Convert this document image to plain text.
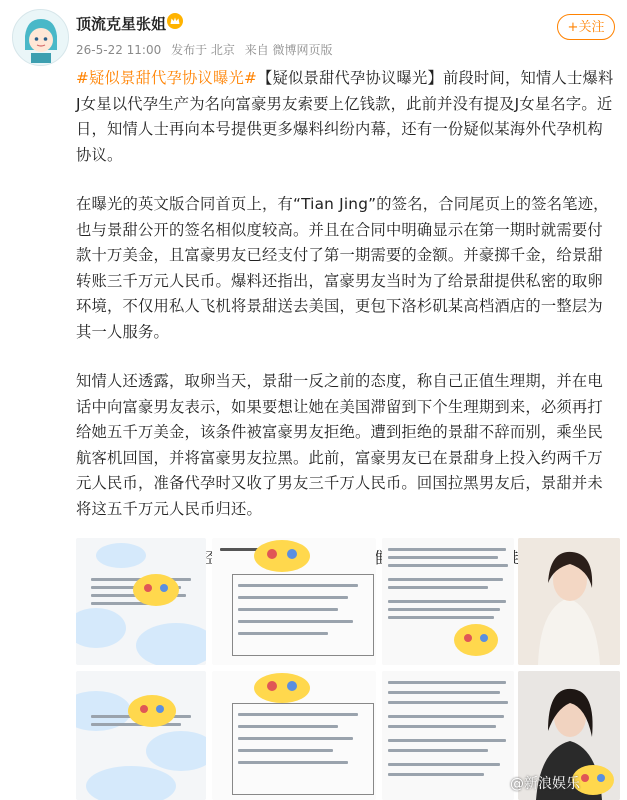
顶流克星张姐
26-5-22 11:00 发布于 北京 来自 微博网页版
+关注

#疑似景甜代孕协议曝光#【疑似景甜代孕协议曝光】前段时间，知情人士爆料J女星以代孕生产为名向富豪男友索要上亿钱款，此前并没有提及J女星名字。近日，知情人士再向本号提供更多爆料纠纷内幕，还有一份疑似某海外代孕机构协议。

在曝光的英文版合同首页上，有“Tian Jing”的签名，合同尾页上的签名笔迹，也与景甜公开的签名相似度较高。并且在合同中明确显示在第一期时就需要付款十万美金，且富豪男友已经支付了第一期需要的金额。并豪掷千金，给景甜转账三千万元人民币。爆料还指出，富豪男友当时为了给景甜提供私密的取卵环境，不仅用私人飞机将景甜送去美国，更包下洛杉矶某高档酒店的一整层为其一人服务。

知情人还透露，取卵当天，景甜一反之前的态度，称自己正值生理期，并在电话中向富豪男友表示，如果要想让她在美国滞留到下个生理期到来，必须再打给她五千万美金，该条件被富豪男友拒绝。遭到拒绝的景甜不辞而别，乘坐民航客机回国，并将富豪男友拉黑。此前，富豪男友已在景甜身上投入约两千万元人民币，准备代孕时又收了男友三千万人民币。回国拉黑男友后，景甜并未将这五千万元人民币归还。

@新浪娱乐
